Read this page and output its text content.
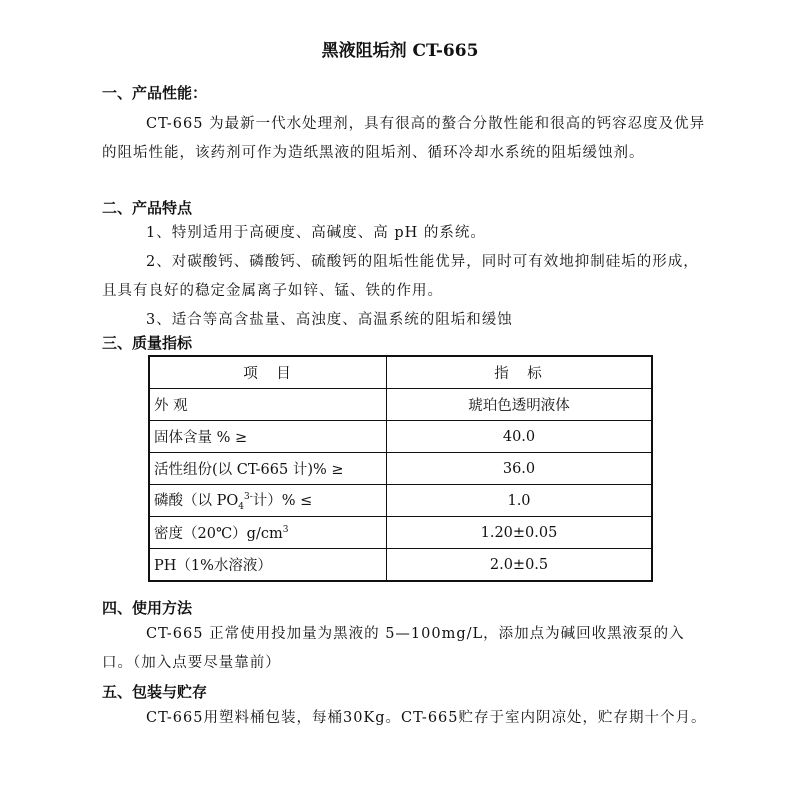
黑液阻垢剂 CT-665
一、产品性能：
CT-665 为最新一代水处理剂，具有很高的螯合分散性能和很高的钙容忍度及优异的阻垢性能，该药剂可作为造纸黑液的阻垢剂、循环冷却水系统的阻垢缓蚀剂。
二、产品特点
1、特别适用于高硬度、高碱度、高 pH 的系统。
2、对碳酸钙、磷酸钙、硫酸钙的阻垢性能优异，同时可有效地抑制硅垢的形成，且具有良好的稳定金属离子如锌、锰、铁的作用。
3、适合等高含盐量、高浊度、高温系统的阻垢和缓蚀
三、质量指标
项　目	指　标
外 观	琥珀色透明液体
固体含量 % ≥	40.0
活性组份(以 CT-665 计)% ≥	36.0
磷酸（以 $PO_4^{3-}$计）% ≤	1.0
密度$(20℃)g/cm^3$	1.20±0.05
PH（1%水溶液）	2.0±0.5
四、使用方法
CT-665 正常使用投加量为黑液的 5—100mg/L，添加点为碱回收黑液泵的入口。（加入点要尽量靠前）
五、包装与贮存
CT-665用塑料桶包装，每桶30Kg。CT-665贮存于室内阴凉处，贮存期十个月。
